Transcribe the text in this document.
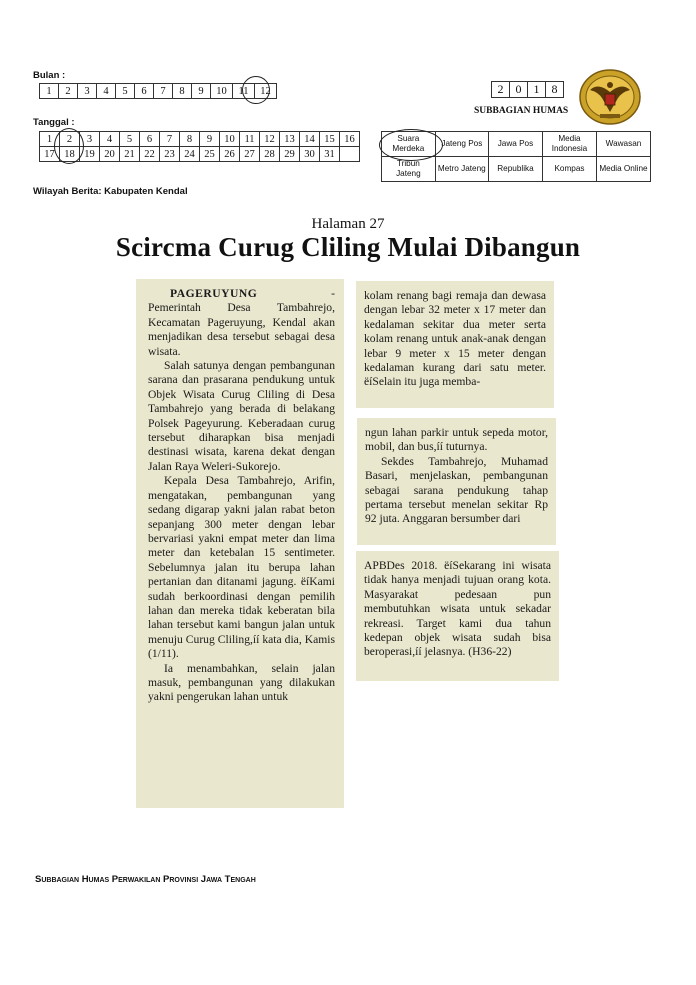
Bulan :
1	2	3	4	5	6	7	8	9	10	11	12
Tanggal :
1	2	3	4	5	6	7	8	9	10	11	12	13	14	15	16
17	18	19	20	21	22	23	24	25	26	27	28	29	30	31	
2	0	1	8
SUBBAGIAN HUMAS
Suara Merdeka	Jateng Pos	Jawa Pos	Media Indonesia	Wawasan
Tribun Jateng	Metro Jateng	Republika	Kompas	Media Online
Wilayah Berita: Kabupaten Kendal
Halaman 27
Scircma Curug Cliling Mulai Dibangun

PAGERUYUNG	-

Pemerintah Desa Tambahrejo, Kecamatan Pageruyung, Kendal akan menjadikan desa tersebut sebagai desa wisata.

Salah satunya dengan pembangunan sarana dan prasarana pendukung untuk Objek Wisata Curug Cliling di Desa Tambahrejo yang berada di belakang Polsek Pageyurung. Keberadaan curug tersebut diharapkan bisa menjadi destinasi wisata, karena dekat dengan Jalan Raya Weleri-Sukorejo.

Kepala Desa Tambahrejo, Arifin, mengatakan, pembangunan yang sedang digarap yakni jalan rabat beton sepanjang 300 meter dengan lebar bervariasi yakni empat meter dan lima meter dan ketebalan 15 sentimeter. Sebelumnya jalan itu berupa lahan pertanian dan ditanami jagung. ëíKami sudah berkoordinasi dengan pemilih lahan dan mereka tidak keberatan bila lahan tersebut kami bangun jalan untuk menuju Curug Cliling,íí kata dia, Kamis (1/11).

Ia menambahkan, selain jalan masuk, pembangunan yang dilakukan yakni pengerukan lahan untuk

kolam renang bagi remaja dan dewasa dengan lebar 32 meter x 17 meter dan kedalaman sekitar dua meter serta kolam renang untuk anak-anak dengan lebar 9 meter x 15 meter dengan kedalaman kurang dari satu meter. ëíSelain itu juga memba-

ngun lahan parkir untuk sepeda motor, mobil, dan bus,íí tuturnya.

Sekdes Tambahrejo, Muhamad Basari, menjelaskan, pembangunan sebagai sarana pendukung tahap pertama tersebut menelan sekitar Rp 92 juta. Anggaran bersumber dari

APBDes 2018. ëíSekarang ini wisata tidak hanya menjadi tujuan orang kota. Masyarakat pedesaan pun membutuhkan wisata untuk sekadar rekreasi. Target kami dua tahun kedepan objek wisata sudah bisa beroperasi,íí jelasnya. (H36-22)

Subbagian Humas Perwakilan Provinsi Jawa Tengah
